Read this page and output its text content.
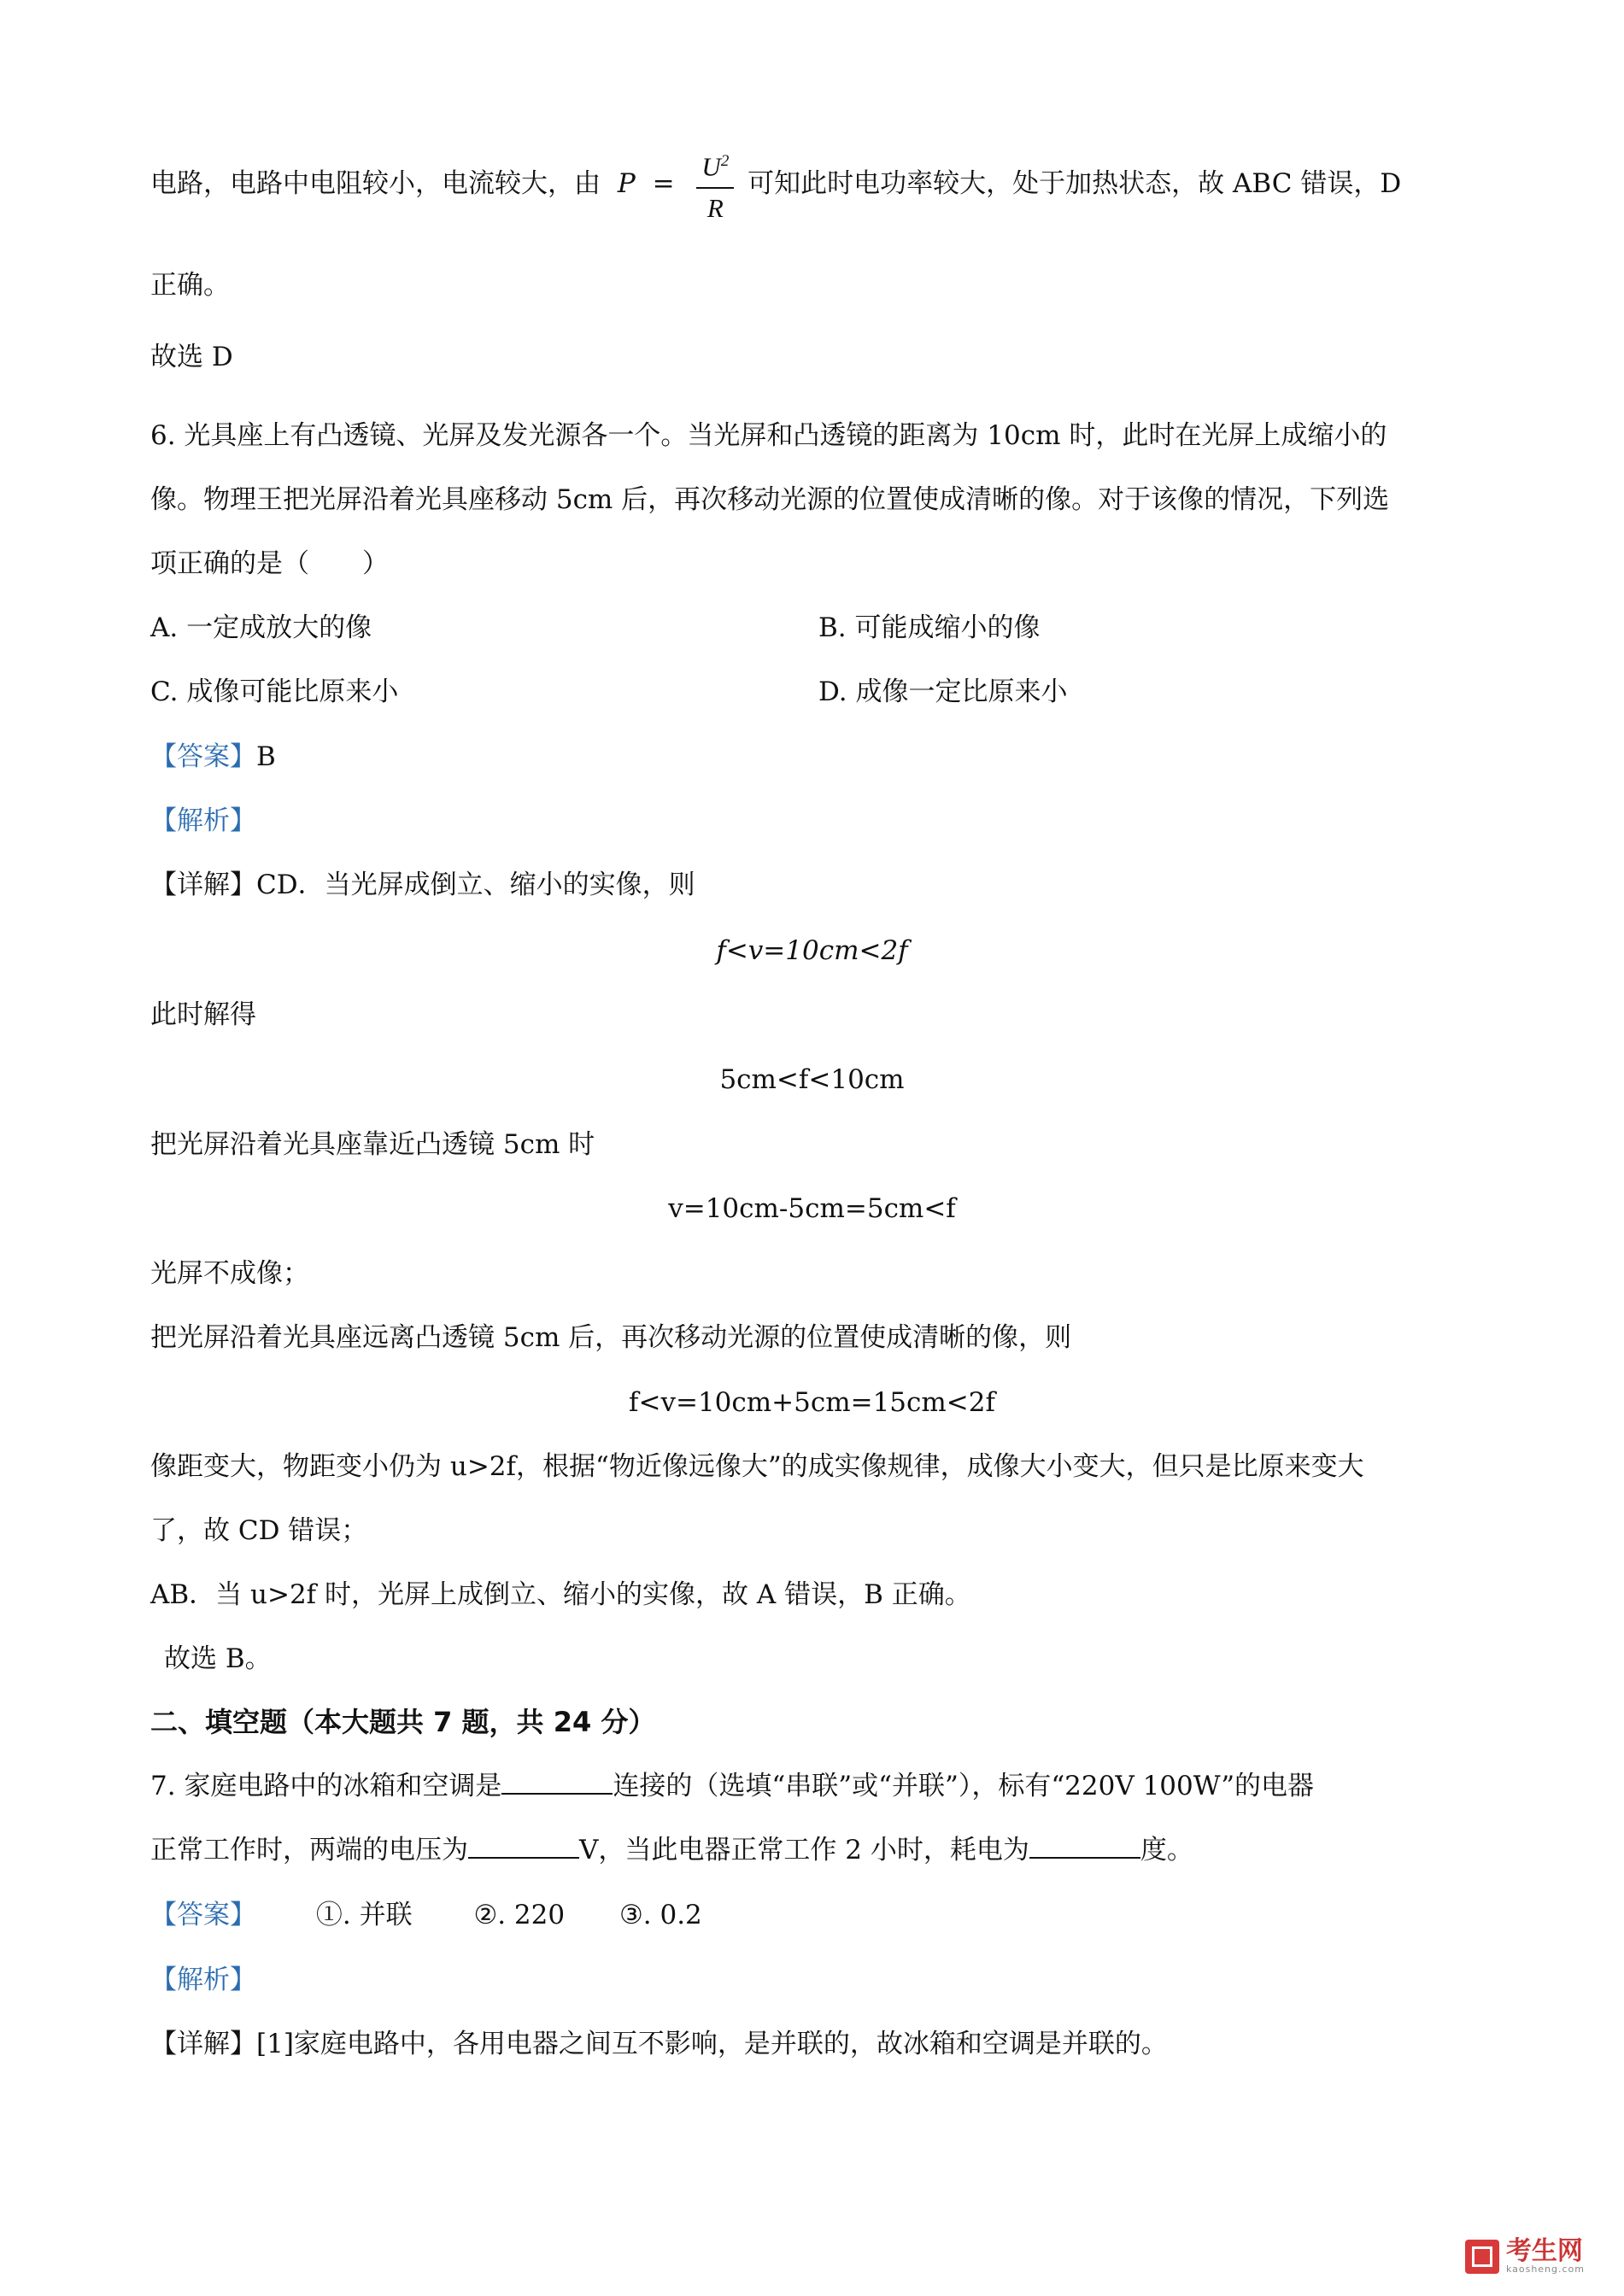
电路，电路中电阻较小，电流较大，由 $P = \frac{U^2}{R}$ 可知此时电功率较大，处于加热状态，故 ABC 错误，D
正确。
故选 D
6. 光具座上有凸透镜、光屏及发光源各一个。当光屏和凸透镜的距离为 10cm 时，此时在光屏上成缩小的
像。物理王把光屏沿着光具座移动 5cm 后，再次移动光源的位置使成清晰的像。对于该像的情况，下列选
项正确的是（　　）
A. 一定成放大的像	B. 可能成缩小的像
C. 成像可能比原来小	D. 成像一定比原来小
【答案】B
【解析】
【详解】CD．当光屏成倒立、缩小的实像，则
f<v=10cm<2f
此时解得
5cm<f<10cm
把光屏沿着光具座靠近凸透镜 5cm 时
v=10cm-5cm=5cm<f
光屏不成像；
把光屏沿着光具座远离凸透镜 5cm 后，再次移动光源的位置使成清晰的像，则
f<v=10cm+5cm=15cm<2f
像距变大，物距变小仍为 u>2f，根据“物近像远像大”的成实像规律，成像大小变大，但只是比原来变大
了，故 CD 错误；
AB．当 u>2f 时，光屏上成倒立、缩小的实像，故 A 错误，B 正确。
故选 B。
二、填空题（本大题共 7 题，共 24 分）
7. 家庭电路中的冰箱和空调是	连接的（选填“串联”或“并联”），标有“220V 100W”的电器
正常工作时，两端的电压为	V，当此电器正常工作 2 小时，耗电为	度。
【答案】 ①. 并联 ②. 220 ③. 0.2
【解析】
【详解】[1]家庭电路中，各用电器之间互不影响，是并联的，故冰箱和空调是并联的。
考生网
kaosheng.com
